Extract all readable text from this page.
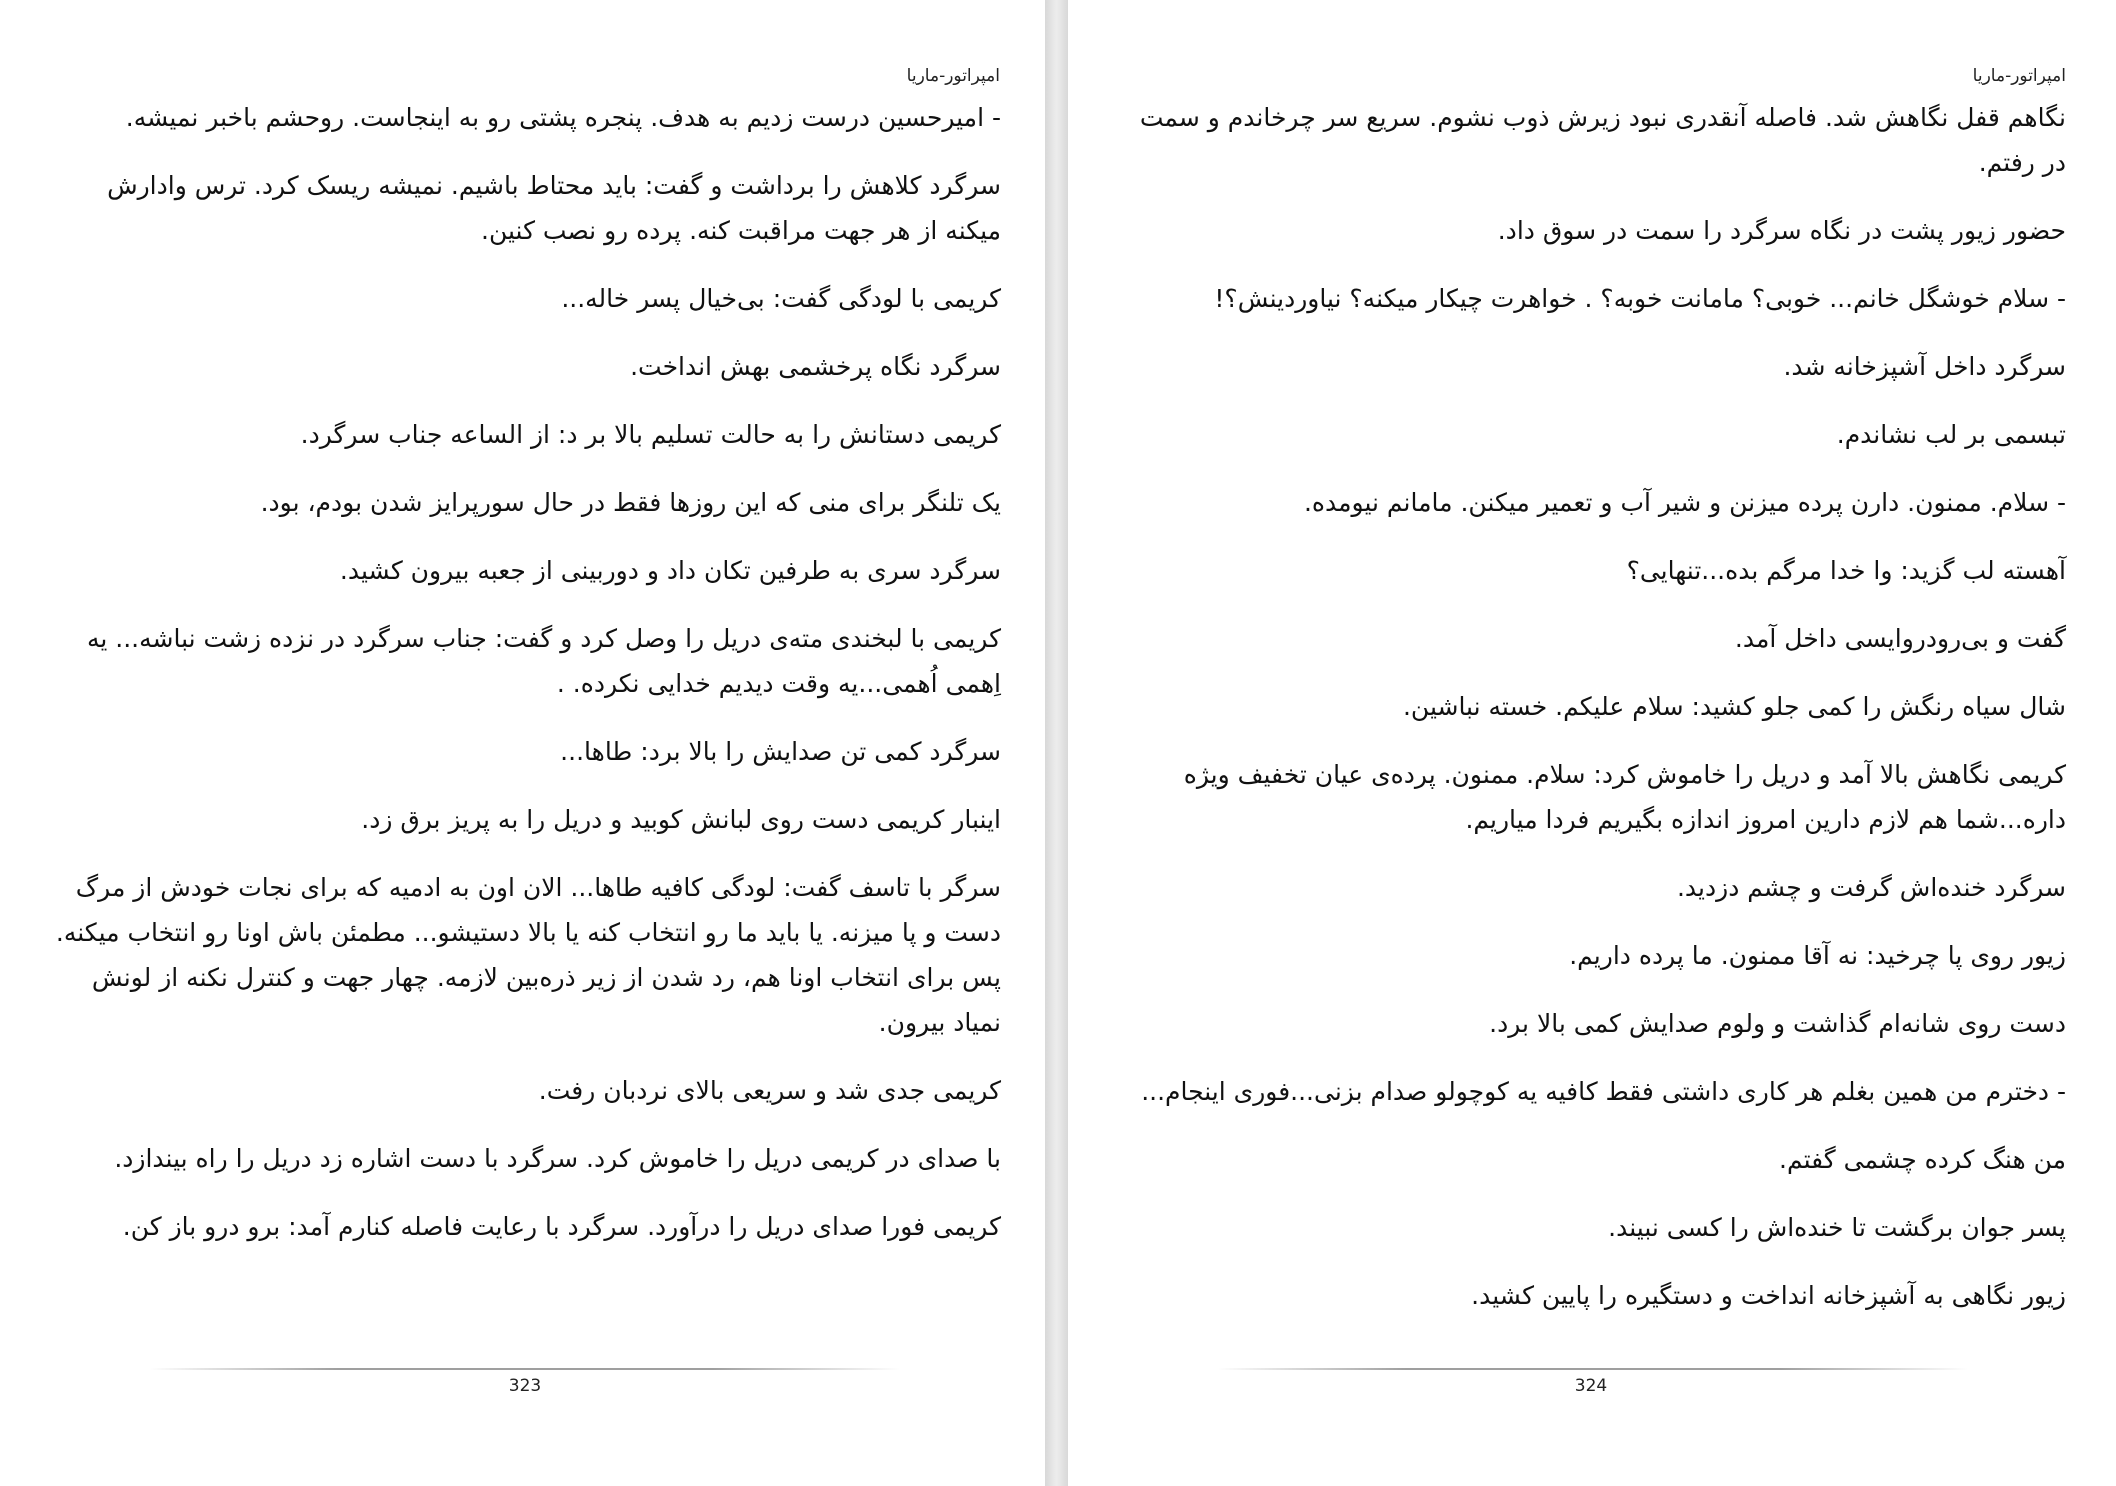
امپراتور-ماریا

- امیرحسین درست زدیم به هدف. پنجره پشتی رو به اینجاست. روحشم باخبر نمیشه.

سرگرد کلاهش را برداشت و گفت: باید محتاط باشیم. نمیشه ریسک کرد. ترس وادارش میکنه از هر جهت مراقبت کنه. پرده رو نصب کنین.

کریمی با لودگی گفت: بی‌خیال پسر خاله...

سرگرد نگاه پرخشمی بهش انداخت.

کریمی دستانش را به حالت تسلیم بالا بر د: از الساعه جناب سرگرد.

یک تلنگر برای منی که این روزها فقط در حال سورپرایز شدن بودم، بود.

سرگرد سری به طرفین تکان داد و دوربینی از جعبه بیرون کشید.

کریمی با لبخندی مته‌ی دریل را وصل کرد و گفت: جناب سرگرد در نزده زشت نباشه... یه اِهمی اُهمی...یه وقت دیدیم خدایی نکرده. .

سرگرد کمی تن صدایش را بالا برد: طاها...

اینبار کریمی دست روی لبانش کوبید و دریل را به پریز برق زد.

سرگر با تاسف گفت: لودگی کافیه طاها... الان اون به ادمیه که برای نجات خودش از مرگ دست و پا میزنه. یا باید ما رو انتخاب کنه یا بالا دستیشو... مطمئن باش اونا رو انتخاب میکنه. پس برای انتخاب اونا هم، رد شدن از زیر ذره‌بین لازمه. چهار جهت و کنترل نکنه از لونش نمیاد بیرون.

کریمی جدی شد و سریعی بالای نردبان رفت.

با صدای در کریمی دریل را خاموش کرد. سرگرد با دست اشاره زد دریل را راه بیندازد.

کریمی فورا صدای دریل را درآورد. سرگرد با رعایت فاصله کنارم آمد: برو درو باز کن.

323
امپراتور-ماریا

نگاهم قفل نگاهش شد. فاصله آنقدری نبود زیرش ذوب نشوم. سریع سر چرخاندم و سمت در رفتم.

حضور زیور پشت در نگاه سرگرد را سمت در سوق داد.

- سلام خوشگل خانم... خوبی؟ مامانت خوبه؟ . خواهرت چیکار میکنه؟ نیاوردینش؟!

سرگرد داخل آشپزخانه شد.

تبسمی بر لب نشاندم.

- سلام. ممنون. دارن پرده میزنن و شیر آب و تعمیر میکنن. مامانم نیومده.

آهسته لب گزید: وا خدا مرگم بده...تنهایی؟

گفت و بی‌رودروایسی داخل آمد.

شال سیاه رنگش را کمی جلو کشید: سلام علیکم. خسته نباشین.

کریمی نگاهش بالا آمد و دریل را خاموش کرد: سلام. ممنون. پرده‌ی عیان تخفیف ویژه داره...شما هم لازم دارین امروز اندازه بگیریم فردا میاریم.

سرگرد خنده‌اش گرفت و چشم دزدید.

زیور روی پا چرخید: نه آقا ممنون. ما پرده داریم.

دست روی شانه‌ام گذاشت و ولوم صدایش کمی بالا برد.

- دخترم من همین بغلم هر کاری داشتی فقط کافیه یه کوچولو صدام بزنی...فوری اینجام...

من هنگ کرده چشمی گفتم.

پسر جوان برگشت تا خنده‌اش را کسی نبیند.

زیور نگاهی به آشپزخانه انداخت و دستگیره را پایین کشید.

324
